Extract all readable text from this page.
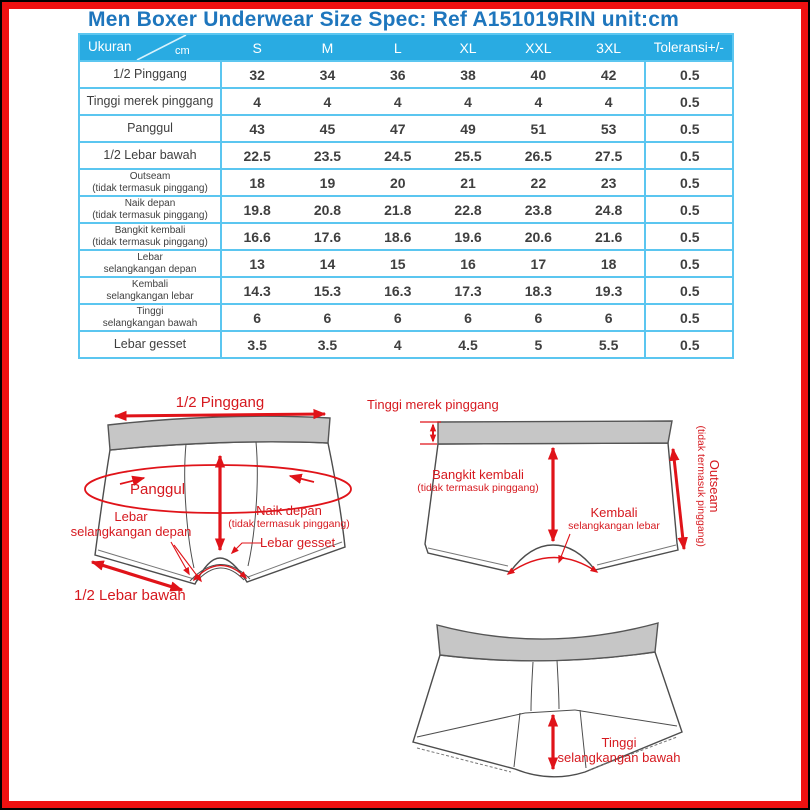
Men Boxer Underwear Size Spec: Ref A151019RIN unit:cm
Ukuran	cm	S	M	L	XL	XXL	3XL	Toleransi+/-
1/2 Pinggang	32	34	36	38	40	42	0.5
Tinggi merek pinggang	4	4	4	4	4	4	0.5
Panggul	43	45	47	49	51	53	0.5
1/2 Lebar bawah	22.5	23.5	24.5	25.5	26.5	27.5	0.5
Outseam
(tidak termasuk pinggang)	18	19	20	21	22	23	0.5
Naik depan
(tidak termasuk pinggang)	19.8	20.8	21.8	22.8	23.8	24.8	0.5
Bangkit kembali
(tidak termasuk pinggang)	16.6	17.6	18.6	19.6	20.6	21.6	0.5
Lebar
selangkangan depan	13	14	15	16	17	18	0.5
Kembali
selangkangan lebar	14.3	15.3	16.3	17.3	18.3	19.3	0.5
Tinggi
selangkangan bawah	6	6	6	6	6	6	0.5
Lebar gesset	3.5	3.5	4	4.5	5	5.5	0.5
1/2 Pinggang
Panggul
Naik depan
(tidak termasuk pinggang)
Lebar
selangkangan depan
Lebar gesset
1/2 Lebar bawah
Tinggi merek pinggang
Bangkit kembali
(tidak termasuk pinggang)
Kembali
selangkangan lebar
Outseam
(tidak termasuk pinggang)
Tinggi
selangkangan bawah
